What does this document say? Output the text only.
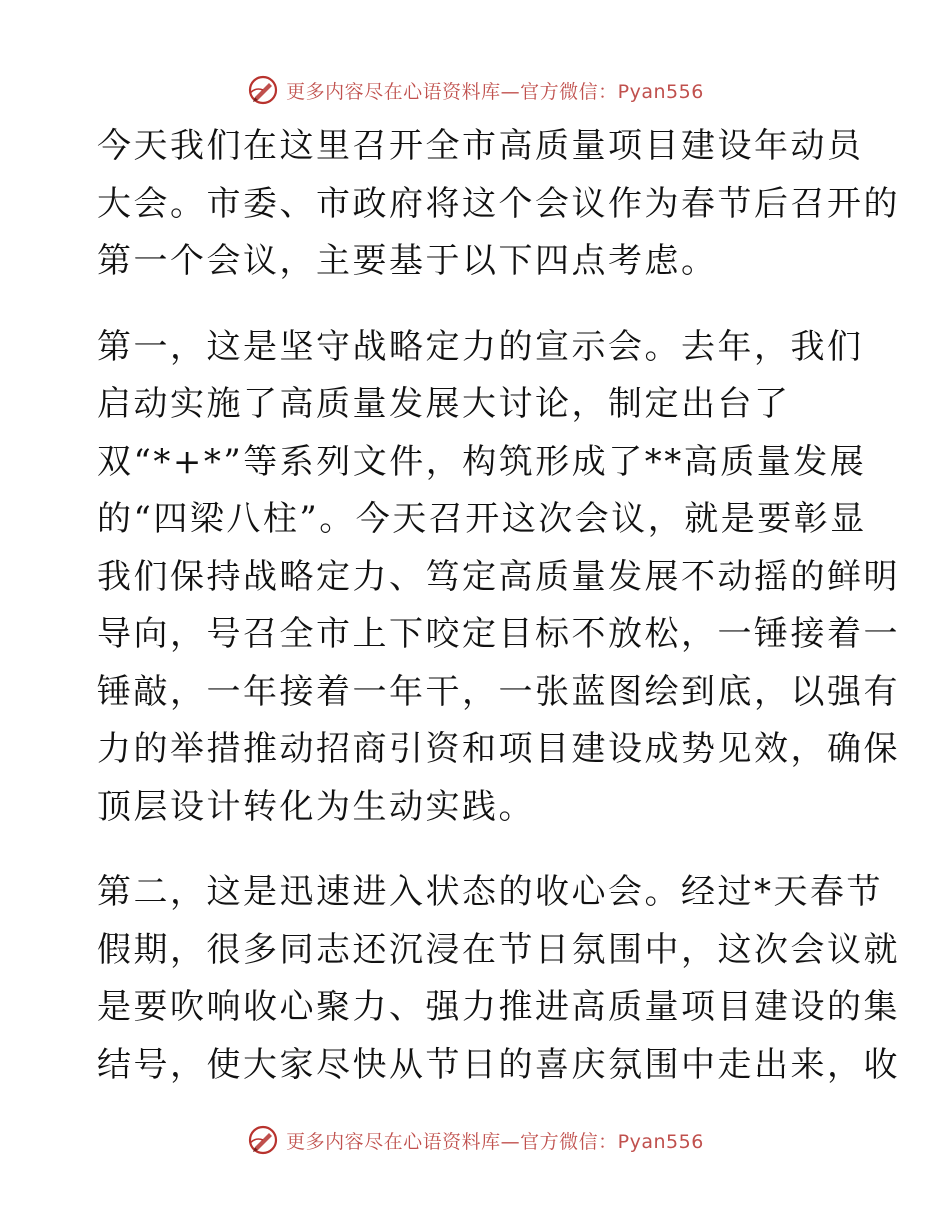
更多内容尽在心语资料库—官方微信：Pyan556
今天我们在这里召开全市高质量项目建设年动员
大会。市委、市政府将这个会议作为春节后召开的
第一个会议，主要基于以下四点考虑。
第一，这是坚守战略定力的宣示会。去年，我们
启动实施了高质量发展大讨论，制定出台了
双“*+*”等系列文件，构筑形成了**高质量发展
的“四梁八柱”。今天召开这次会议，就是要彰显
我们保持战略定力、笃定高质量发展不动摇的鲜明
导向，号召全市上下咬定目标不放松，一锤接着一
锤敲，一年接着一年干，一张蓝图绘到底，以强有
力的举措推动招商引资和项目建设成势见效，确保
顶层设计转化为生动实践。
第二，这是迅速进入状态的收心会。经过*天春节
假期，很多同志还沉浸在节日氛围中，这次会议就
是要吹响收心聚力、强力推进高质量项目建设的集
结号，使大家尽快从节日的喜庆氛围中走出来，收
更多内容尽在心语资料库—官方微信：Pyan556
